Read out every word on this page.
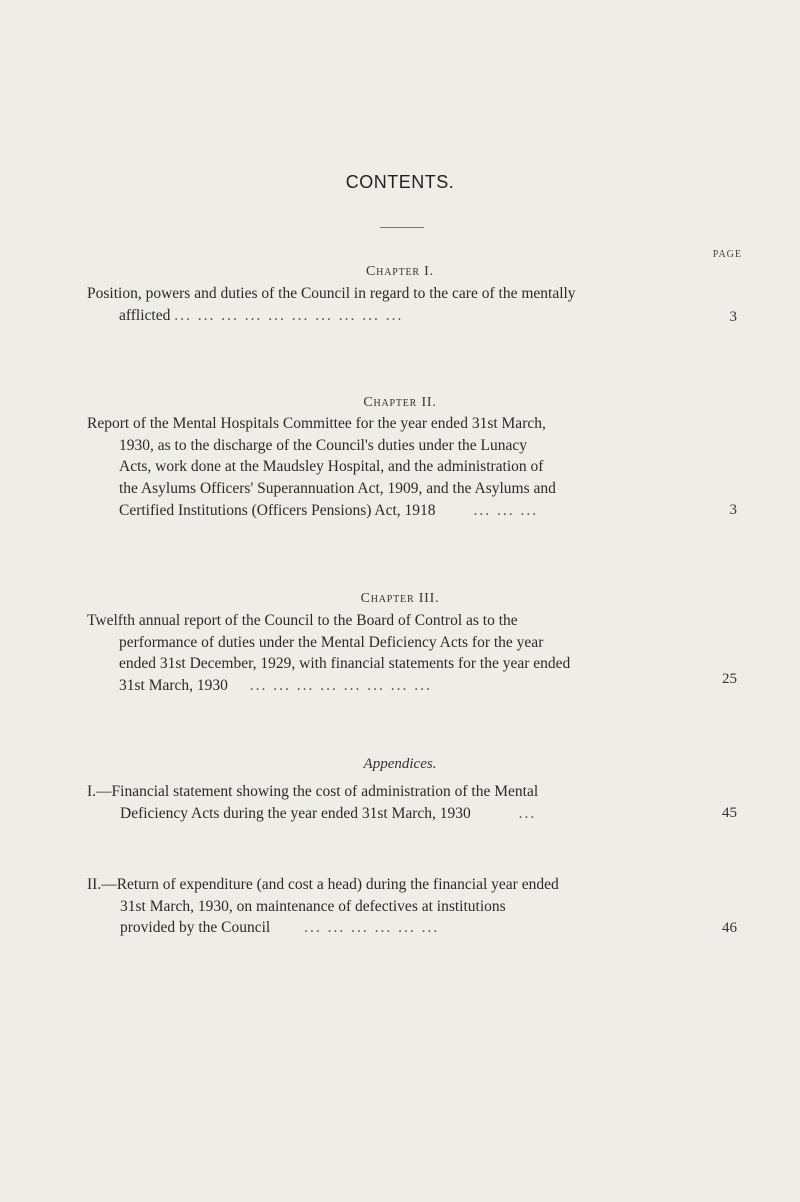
CONTENTS.
PAGE
Chapter I.

Position, powers and duties of the Council in regard to the care of the mentally

afflicted ... ... ... ... ... ... ... ... ... ...	3
Chapter II.

Report of the Mental Hospitals Committee for the year ended 31st March,

1930, as to the discharge of the Council's duties under the Lunacy

Acts, work done at the Maudsley Hospital, and the administration of

the Asylums Officers' Superannuation Act, 1909, and the Asylums and

Certified Institutions (Officers Pensions) Act, 1918 ... ... ...	3
Chapter III.

Twelfth annual report of the Council to the Board of Control as to the

performance of duties under the Mental Deficiency Acts for the year

ended 31st December, 1929, with financial statements for the year ended

31st March, 1930 ... ... ... ... ... ... ... ...	25
Appendices.

I.—Financial statement showing the cost of administration of the Mental

Deficiency Acts during the year ended 31st March, 1930	...	45

II.—Return of expenditure (and cost a head) during the financial year ended

31st March, 1930, on maintenance of defectives at institutions

provided by the Council ... ... ... ... ... ...	46
